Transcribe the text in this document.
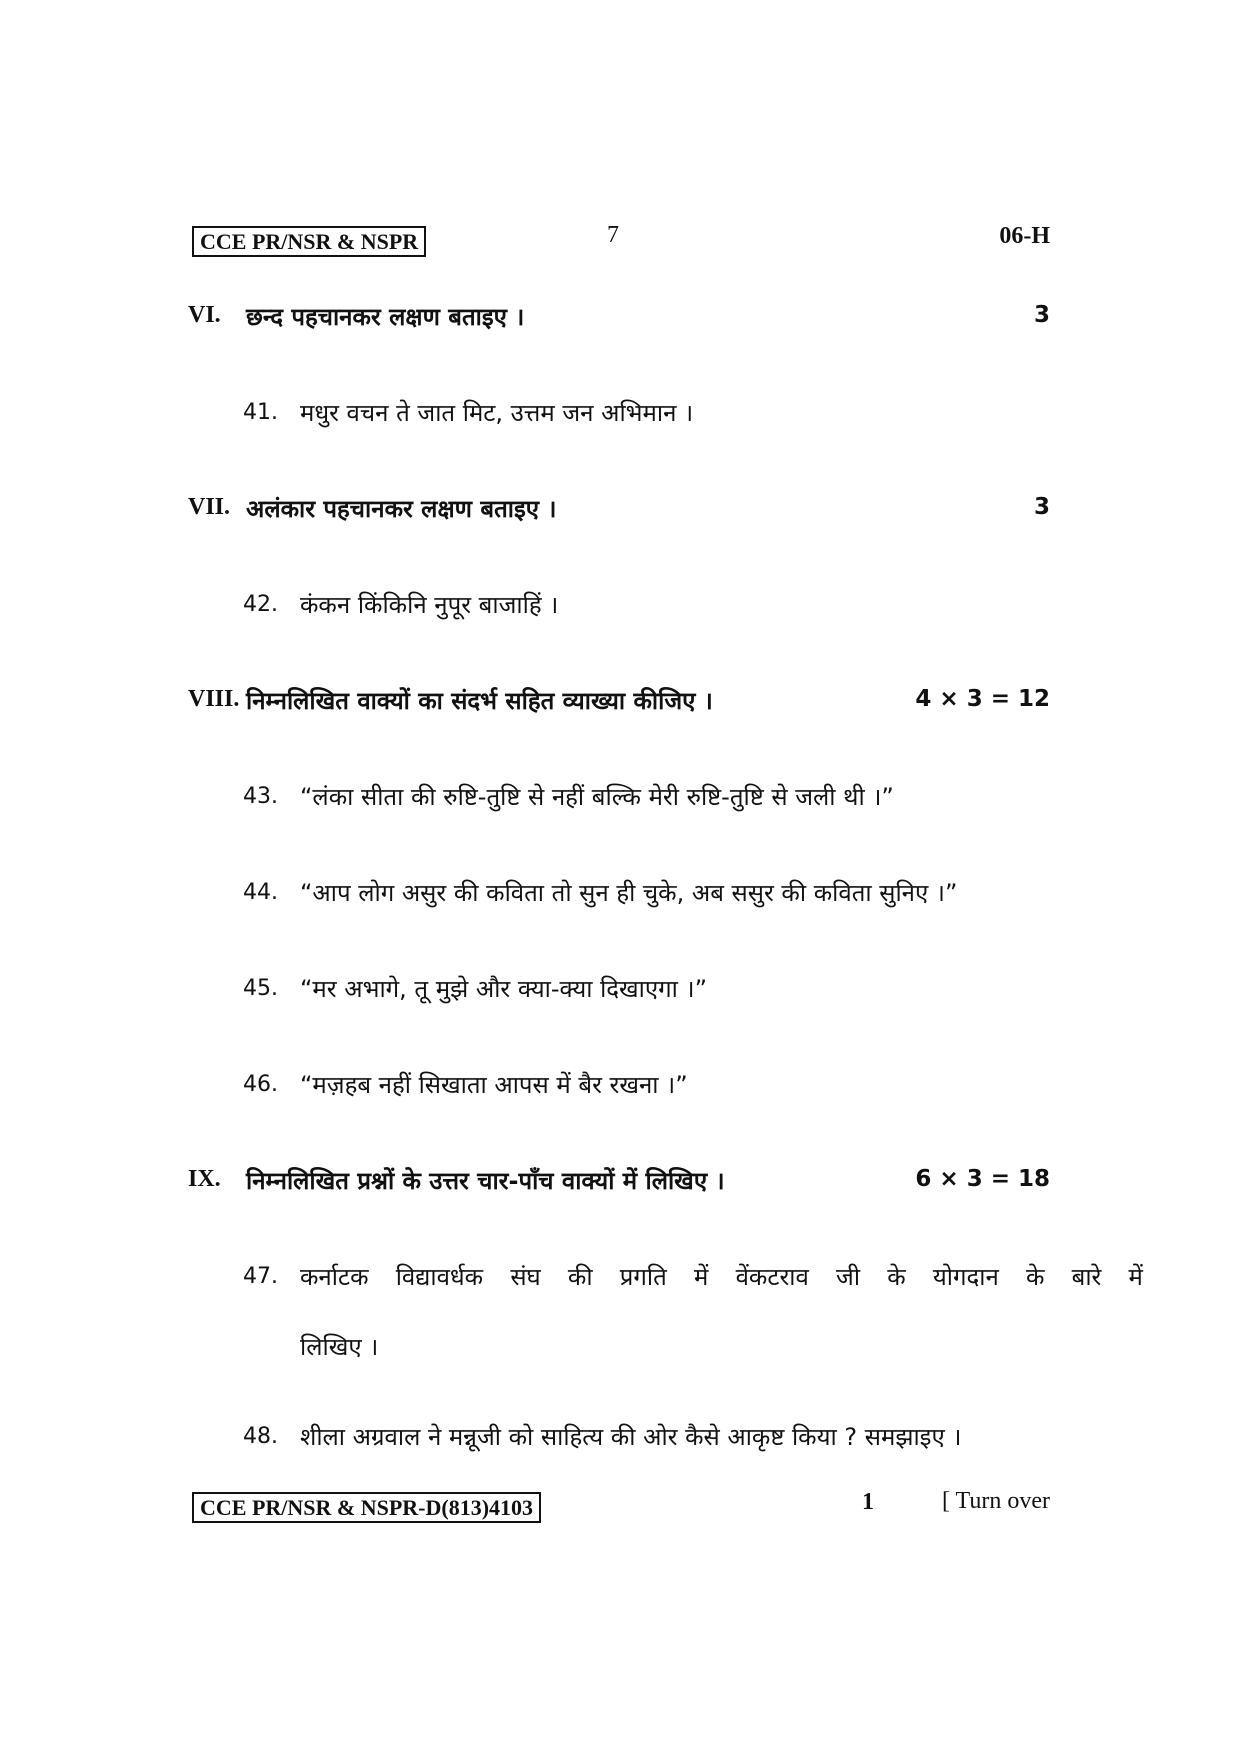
CCE PR/NSR & NSPR	7	06-H
VI. छन्द पहचानकर लक्षण बताइए ।	3
41. मधुर वचन ते जात मिट, उत्तम जन अभिमान ।
VII. अलंकार पहचानकर लक्षण बताइए ।	3
42. कंकन किंकिनि नुपूर बाजाहिं ।
VIII. निम्नलिखित वाक्यों का संदर्भ सहित व्याख्या कीजिए ।	4 × 3 = 12
43. “लंका सीता की रुष्टि-तुष्टि से नहीं बल्कि मेरी रुष्टि-तुष्टि से जली थी ।”
44. “आप लोग असुर की कविता तो सुन ही चुके, अब ससुर की कविता सुनिए ।”
45. “मर अभागे, तू मुझे और क्या-क्या दिखाएगा ।”
46. “मज़हब नहीं सिखाता आपस में बैर रखना ।”
IX. निम्नलिखित प्रश्नों के उत्तर चार-पाँच वाक्यों में लिखिए ।	6 × 3 = 18
47. कर्नाटक विद्यावर्धक संघ की प्रगति में वेंकटराव जी के योगदान के बारे में
लिखिए ।
48. शीला अग्रवाल ने मन्नूजी को साहित्य की ओर कैसे आकृष्ट किया ? समझाइए ।
CCE PR/NSR & NSPR-D(813)4103	1	[ Turn over
